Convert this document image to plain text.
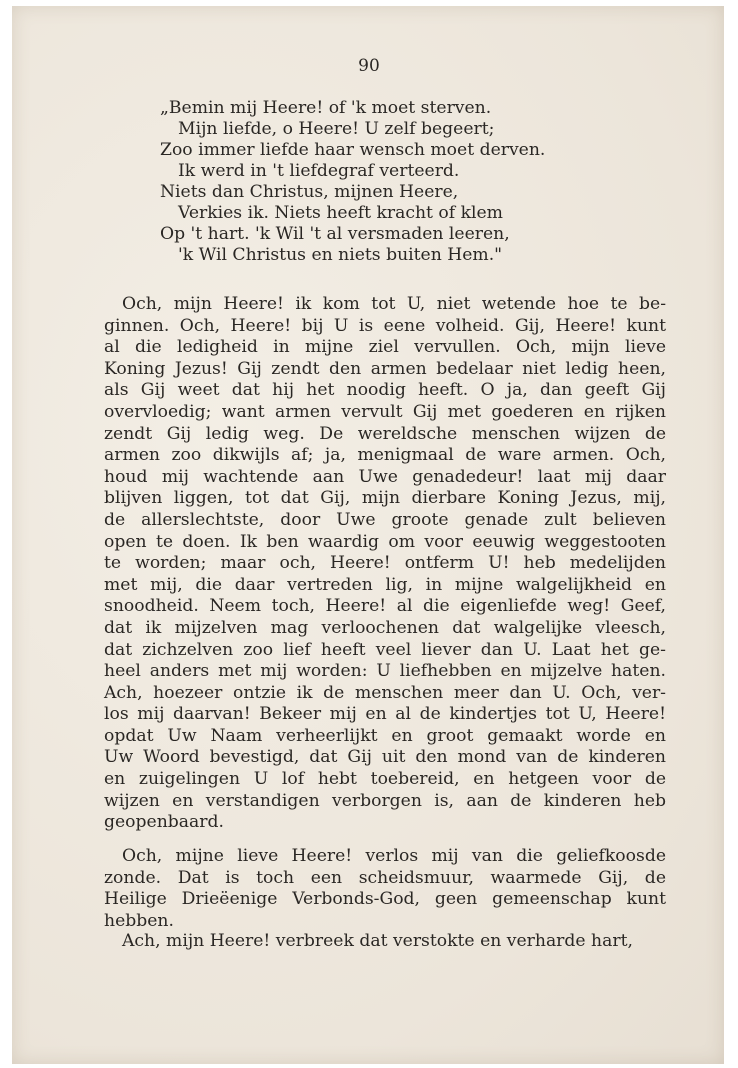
90
„Bemin mij Heere! of 'k moet sterven.
Mijn liefde, o Heere! U zelf begeert;
Zoo immer liefde haar wensch moet derven.
Ik werd in 't liefdegraf verteerd.
Niets dan Christus, mijnen Heere,
Verkies ik. Niets heeft kracht of klem
Op 't hart. 'k Wil 't al versmaden leeren,
'k Wil Christus en niets buiten Hem."
Och, mijn Heere! ik kom tot U, niet wetende hoe te be-
ginnen. Och, Heere! bij U is eene volheid. Gij, Heere! kunt
al die ledigheid in mijne ziel vervullen. Och, mijn lieve
Koning Jezus! Gij zendt den armen bedelaar niet ledig heen,
als Gij weet dat hij het noodig heeft. O ja, dan geeft Gij
overvloedig; want armen vervult Gij met goederen en rijken
zendt Gij ledig weg. De wereldsche menschen wijzen de
armen zoo dikwijls af; ja, menigmaal de ware armen. Och,
houd mij wachtende aan Uwe genadedeur! laat mij daar
blijven liggen, tot dat Gij, mijn dierbare Koning Jezus, mij,
de allerslechtste, door Uwe groote genade zult believen
open te doen. Ik ben waardig om voor eeuwig weggestooten
te worden; maar och, Heere! ontferm U! heb medelijden
met mij, die daar vertreden lig, in mijne walgelijkheid en
snoodheid. Neem toch, Heere! al die eigenliefde weg! Geef,
dat ik mijzelven mag verloochenen dat walgelijke vleesch,
dat zichzelven zoo lief heeft veel liever dan U. Laat het ge-
heel anders met mij worden: U liefhebben en mijzelve haten.
Ach, hoezeer ontzie ik de menschen meer dan U. Och, ver-
los mij daarvan! Bekeer mij en al de kindertjes tot U, Heere!
opdat Uw Naam verheerlijkt en groot gemaakt worde en
Uw Woord bevestigd, dat Gij uit den mond van de kinderen
en zuigelingen U lof hebt toebereid, en hetgeen voor de
wijzen en verstandigen verborgen is, aan de kinderen heb
geopenbaard.
Och, mijne lieve Heere! verlos mij van die geliefkoosde
zonde. Dat is toch een scheidsmuur, waarmede Gij, de
Heilige Drieëenige Verbonds-God, geen gemeenschap kunt
hebben.
Ach, mijn Heere! verbreek dat verstokte en verharde hart,
